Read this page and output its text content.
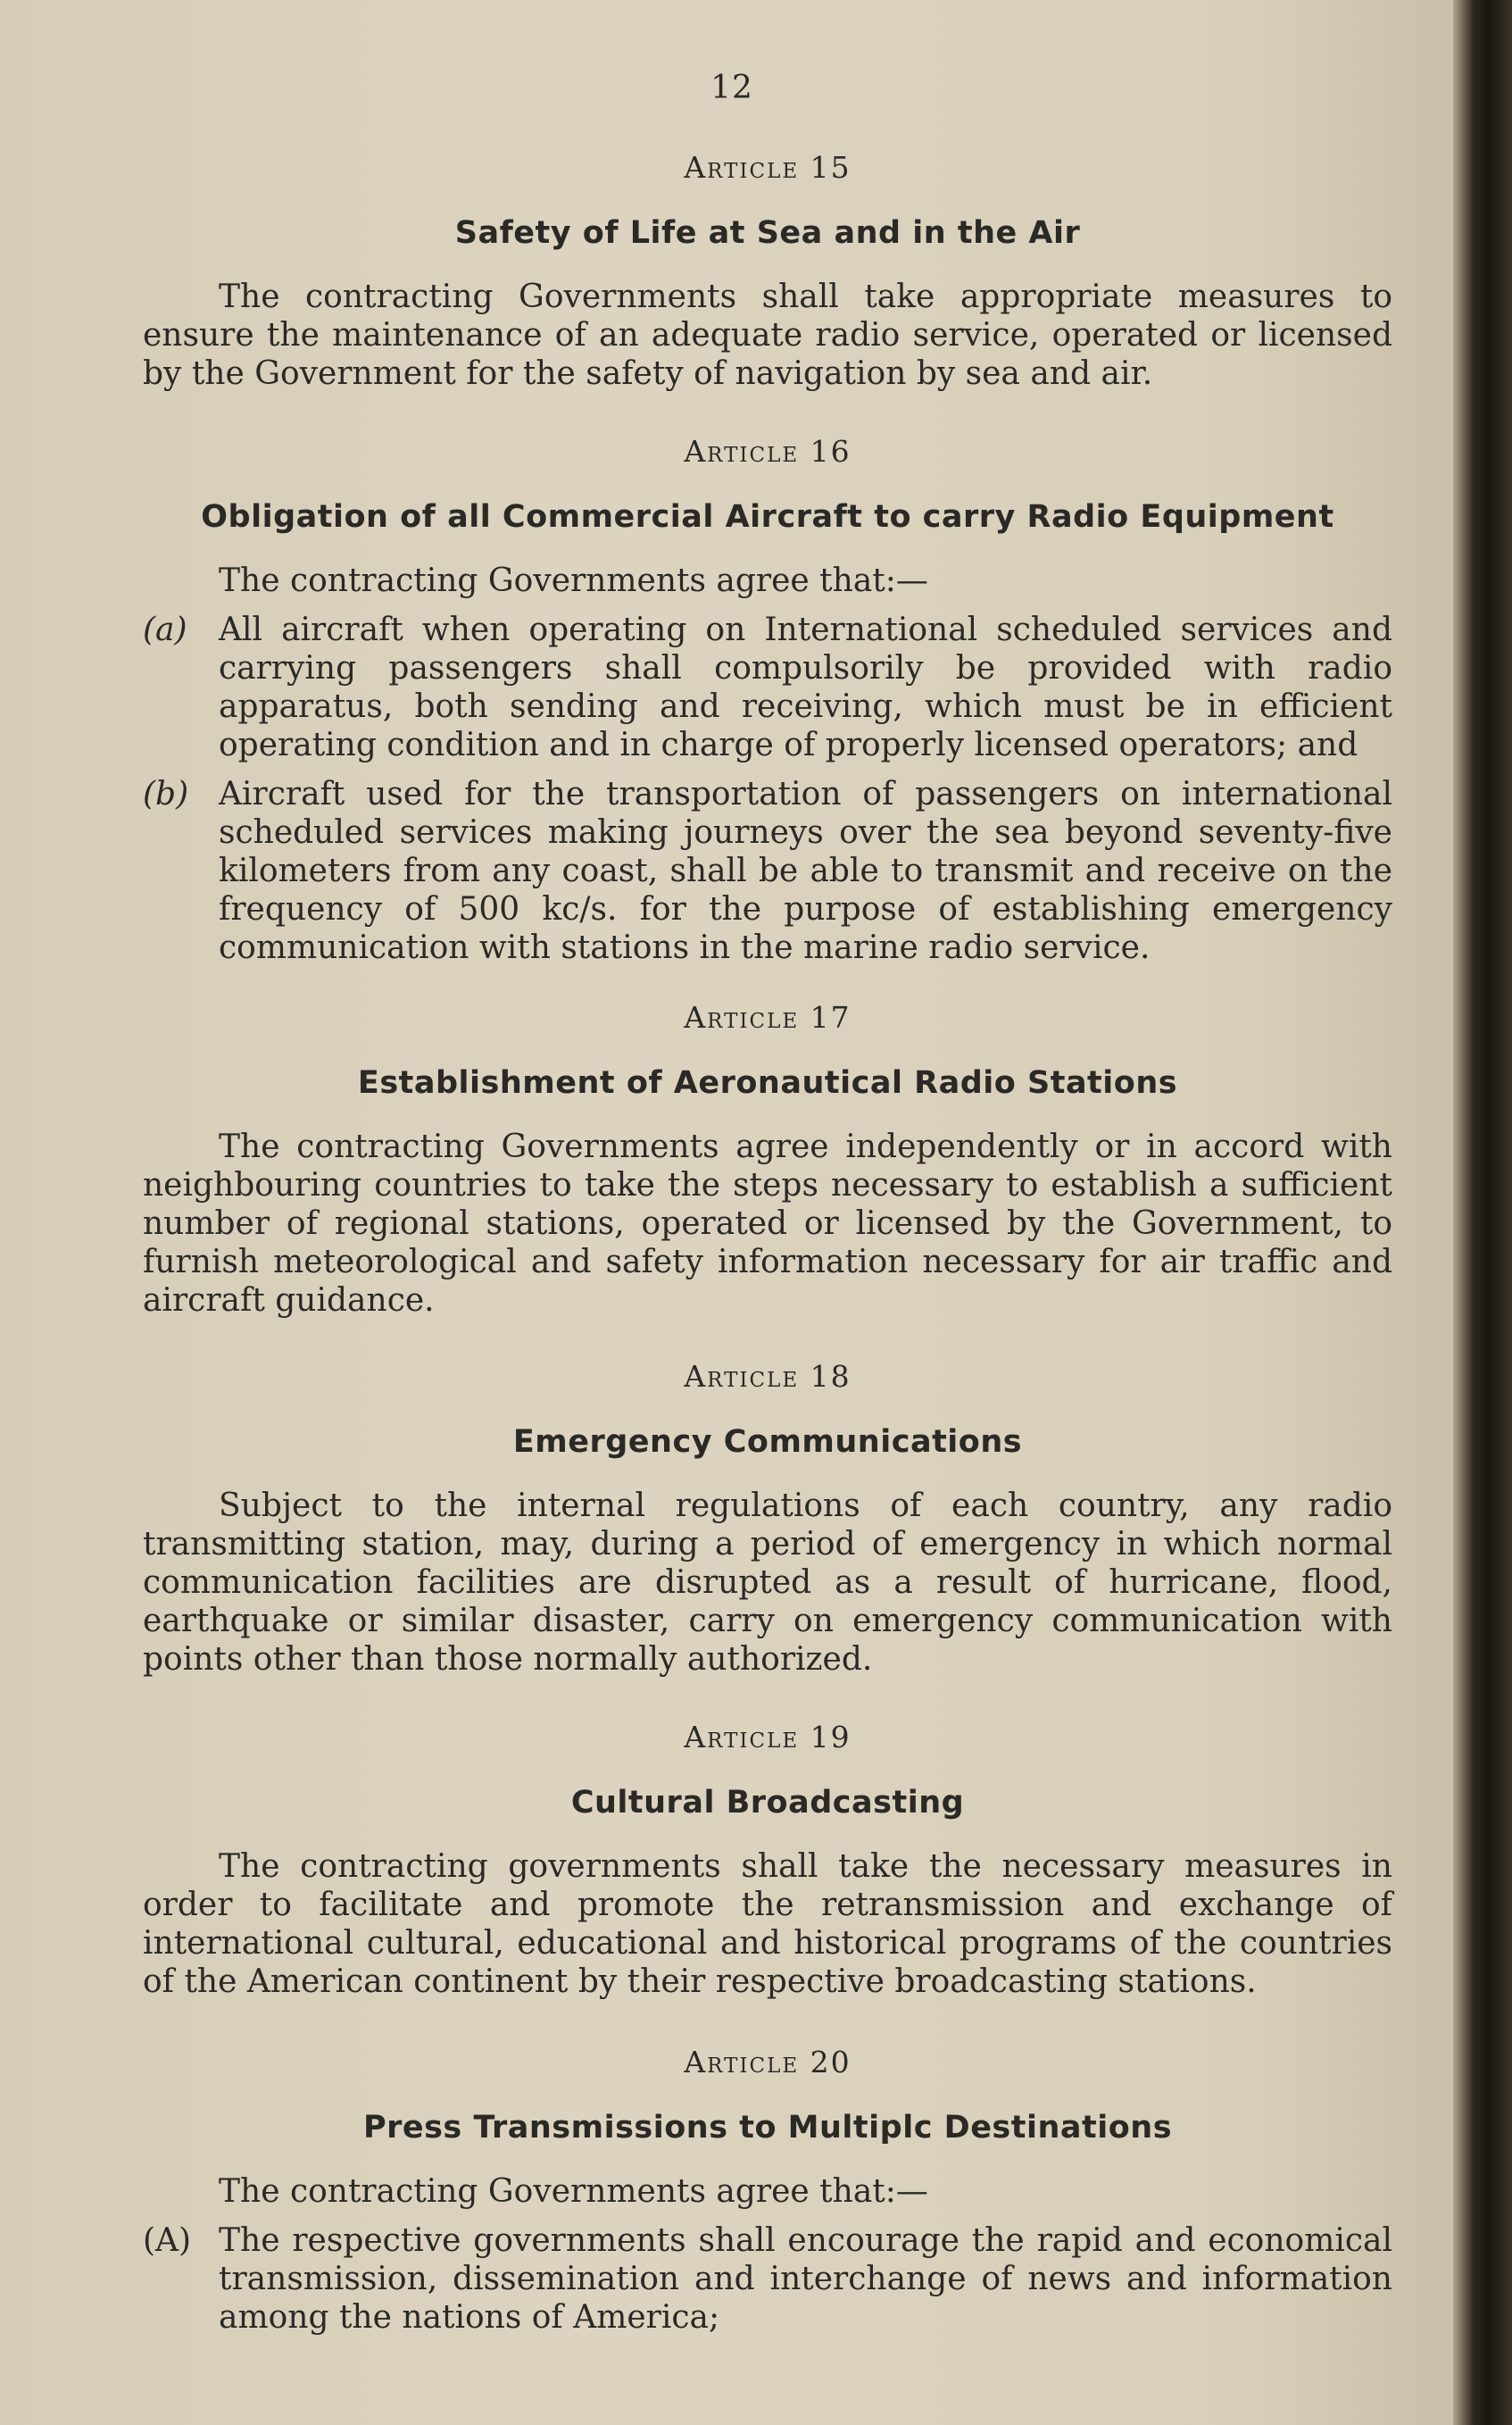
12

Article 15

Safety of Life at Sea and in the Air

The contracting Governments shall take appropriate measures to ensure the maintenance of an adequate radio service, operated or licensed by the Government for the safety of navigation by sea and air.

Article 16

Obligation of all Commercial Aircraft to carry Radio Equipment

The contracting Governments agree that:—

(a) All aircraft when operating on International scheduled services and carrying passengers shall compulsorily be provided with radio apparatus, both sending and receiving, which must be in efficient operating condition and in charge of properly licensed operators; and
(b) Aircraft used for the transportation of passengers on international scheduled services making journeys over the sea beyond seventy-five kilometers from any coast, shall be able to transmit and receive on the frequency of 500 kc/s. for the purpose of establishing emergency communication with stations in the marine radio service.

Article 17

Establishment of Aeronautical Radio Stations

The contracting Governments agree independently or in accord with neighbouring countries to take the steps necessary to establish a sufficient number of regional stations, operated or licensed by the Government, to furnish meteorological and safety information necessary for air traffic and aircraft guidance.

Article 18

Emergency Communications

Subject to the internal regulations of each country, any radio transmitting station, may, during a period of emergency in which normal communication facilities are disrupted as a result of hurricane, flood, earthquake or similar disaster, carry on emergency communication with points other than those normally authorized.

Article 19

Cultural Broadcasting

The contracting governments shall take the necessary measures in order to facilitate and promote the retransmission and exchange of international cultural, educational and historical programs of the countries of the American continent by their respective broadcasting stations.

Article 20

Press Transmissions to Multiplc Destinations

The contracting Governments agree that:—

(A) The respective governments shall encourage the rapid and economical transmission, dissemination and interchange of news and information among the nations of America;
